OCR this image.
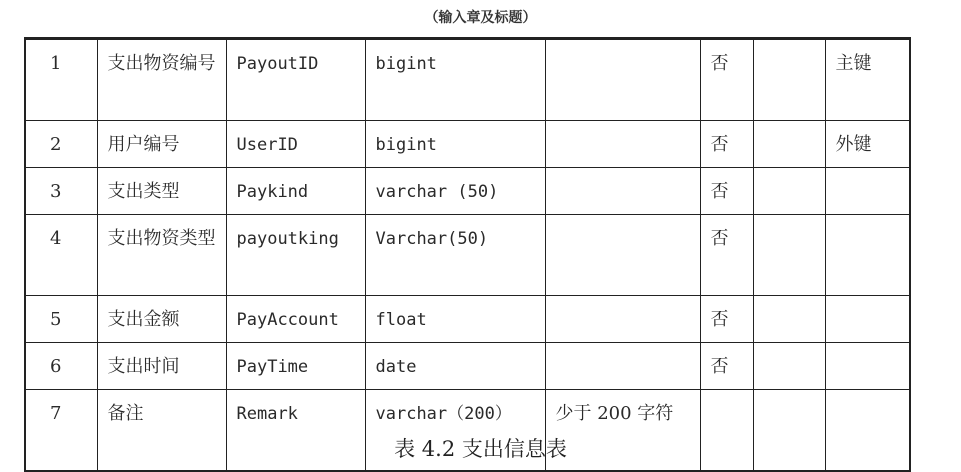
（输入章及标题）
1	支出物资编号	PayoutID	bigint		否		主键
2	用户编号	UserID	bigint		否		外键
3	支出类型	Paykind	varchar (50)		否		
4	支出物资类型	payoutking	Varchar(50)		否		
5	支出金额	PayAccount	float		否		
6	支出时间	PayTime	date		否		
7	备注	Remark	varchar（200）	少于 200 字符			
表 4.2 支出信息表
